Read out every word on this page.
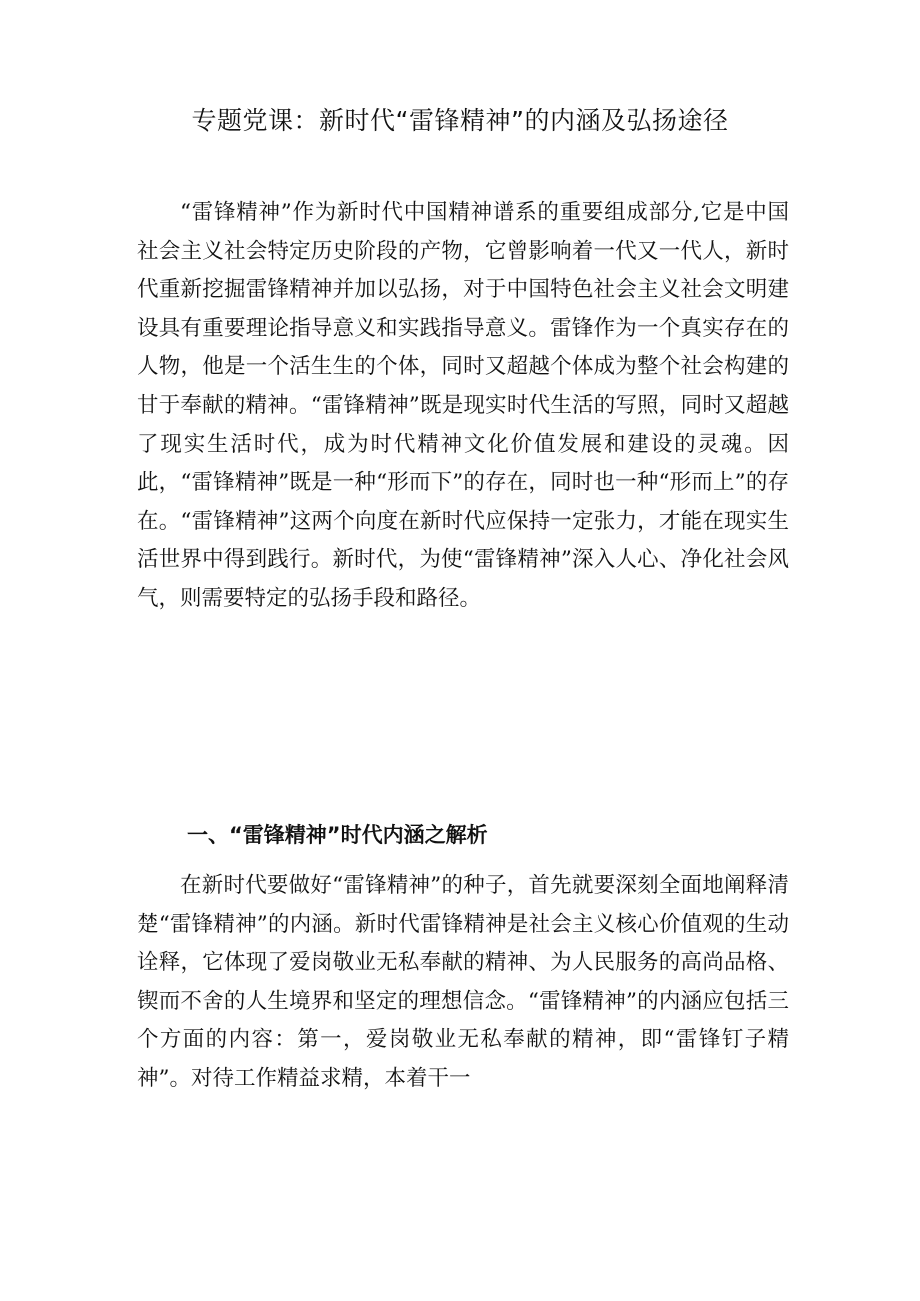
专题党课：新时代“雷锋精神”的内涵及弘扬途径

“雷锋精神”作为新时代中国精神谱系的重要组成部分,它是中国社会主义社会特定历史阶段的产物，它曾影响着一代又一代人，新时代重新挖掘雷锋精神并加以弘扬，对于中国特色社会主义社会文明建设具有重要理论指导意义和实践指导意义。雷锋作为一个真实存在的人物，他是一个活生生的个体，同时又超越个体成为整个社会构建的甘于奉献的精神。“雷锋精神”既是现实时代生活的写照，同时又超越了现实生活时代，成为时代精神文化价值发展和建设的灵魂。因此，“雷锋精神”既是一种“形而下”的存在，同时也一种“形而上”的存在。“雷锋精神”这两个向度在新时代应保持一定张力，才能在现实生活世界中得到践行。新时代，为使“雷锋精神”深入人心、净化社会风气，则需要特定的弘扬手段和路径。

一、“雷锋精神”时代内涵之解析

在新时代要做好“雷锋精神”的种子，首先就要深刻全面地阐释清楚“雷锋精神”的内涵。新时代雷锋精神是社会主义核心价值观的生动诠释，它体现了爱岗敬业无私奉献的精神、为人民服务的高尚品格、锲而不舍的人生境界和坚定的理想信念。“雷锋精神”的内涵应包括三个方面的内容：第一，爱岗敬业无私奉献的精神，即“雷锋钉子精神”。对待工作精益求精，本着干一
